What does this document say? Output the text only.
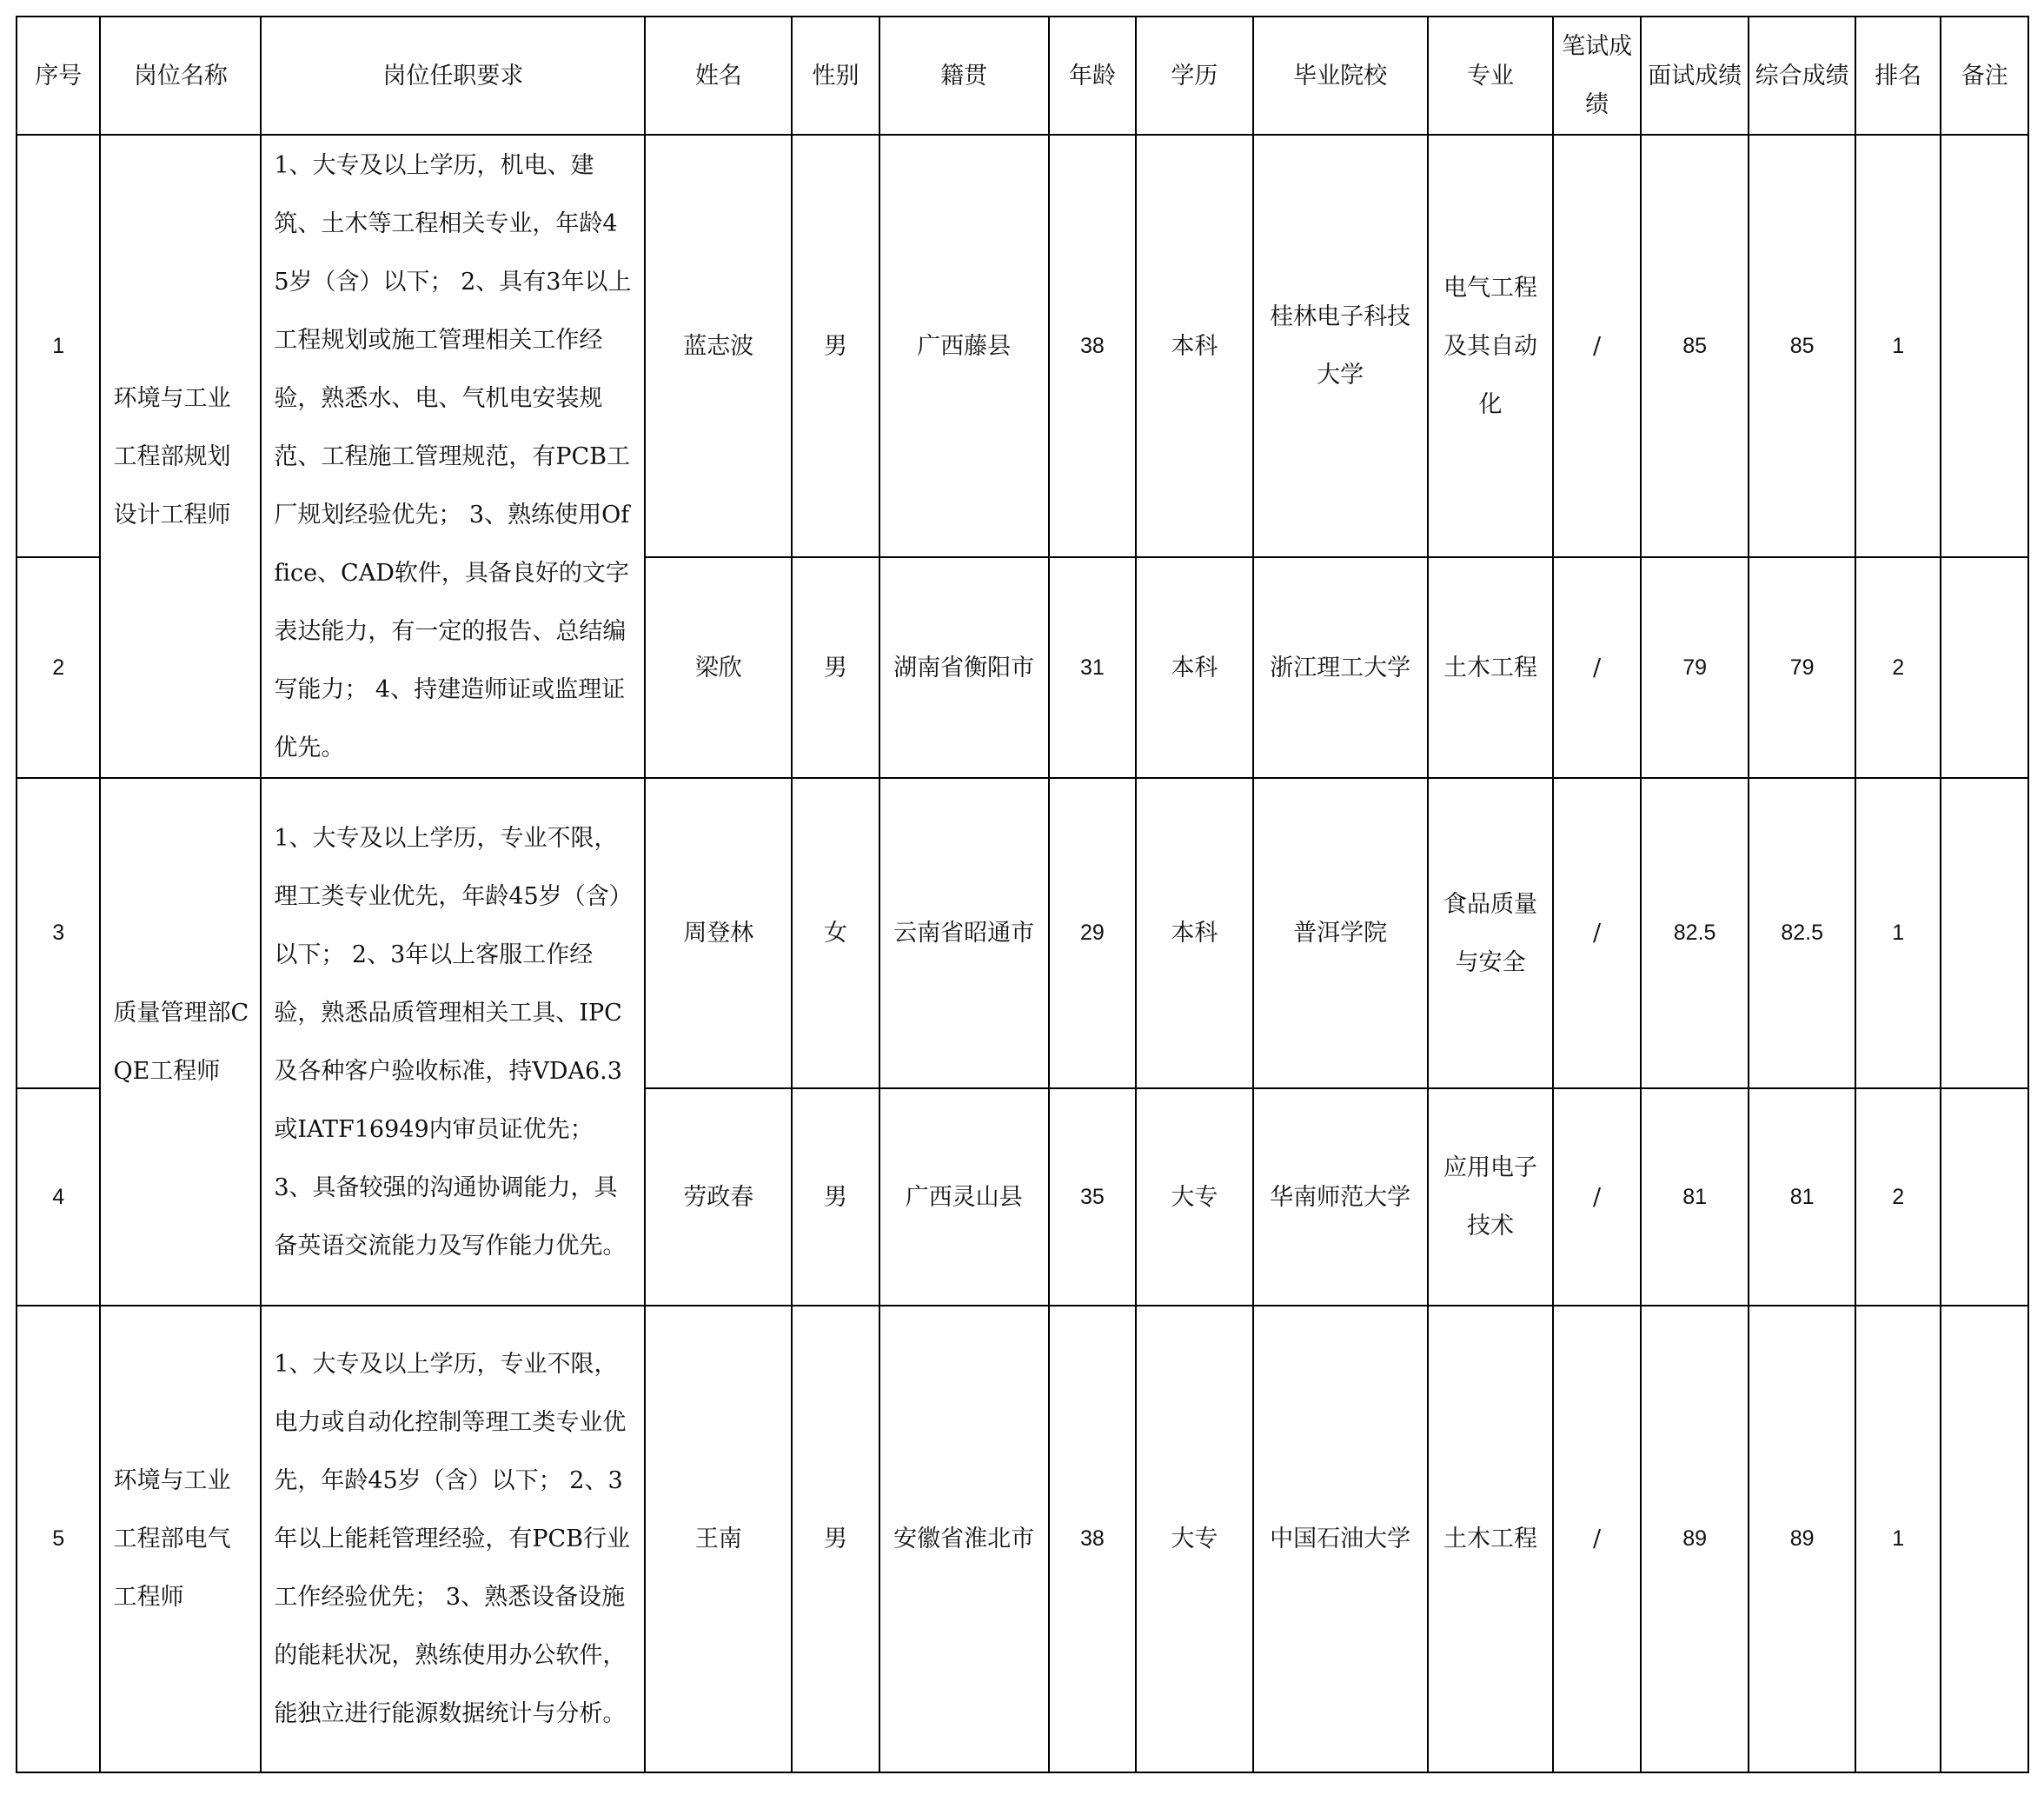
序号	岗位名称	岗位任职要求	姓名	性别	籍贯	年龄	学历	毕业院校	专业	笔试成绩	面试成绩	综合成绩	排名	备注
1	环境与工业工程部规划设计工程师	1、大专及以上学历，机电、建筑、土木等工程相关专业，年龄45岁（含）以下； 2、具有3年以上工程规划或施工管理相关工作经验，熟悉水、电、气机电安装规范、工程施工管理规范，有PCB工厂规划经验优先； 3、熟练使用Office、CAD软件，具备良好的文字表达能力，有一定的报告、总结编写能力； 4、持建造师证或监理证优先。	蓝志波	男	广西藤县	38	本科	桂林电子科技大学	电气工程及其自动化	/	85	85	1	
2			梁欣	男	湖南省衡阳市	31	本科	浙江理工大学	土木工程	/	79	79	2	
3	质量管理部CQE工程师	1、大专及以上学历，专业不限，理工类专业优先，年龄45岁（含）以下； 2、3年以上客服工作经验，熟悉品质管理相关工具、IPC及各种客户验收标准，持VDA6.3或IATF16949内审员证优先； 3、具备较强的沟通协调能力，具备英语交流能力及写作能力优先。	周登林	女	云南省昭通市	29	本科	普洱学院	食品质量与安全	/	82.5	82.5	1	
4			劳政春	男	广西灵山县	35	大专	华南师范大学	应用电子技术	/	81	81	2	
5	环境与工业工程部电气工程师	1、大专及以上学历，专业不限，电力或自动化控制等理工类专业优先，年龄45岁（含）以下； 2、3年以上能耗管理经验，有PCB行业工作经验优先； 3、熟悉设备设施的能耗状况，熟练使用办公软件，能独立进行能源数据统计与分析。	王南	男	安徽省淮北市	38	大专	中国石油大学	土木工程	/	89	89	1	
